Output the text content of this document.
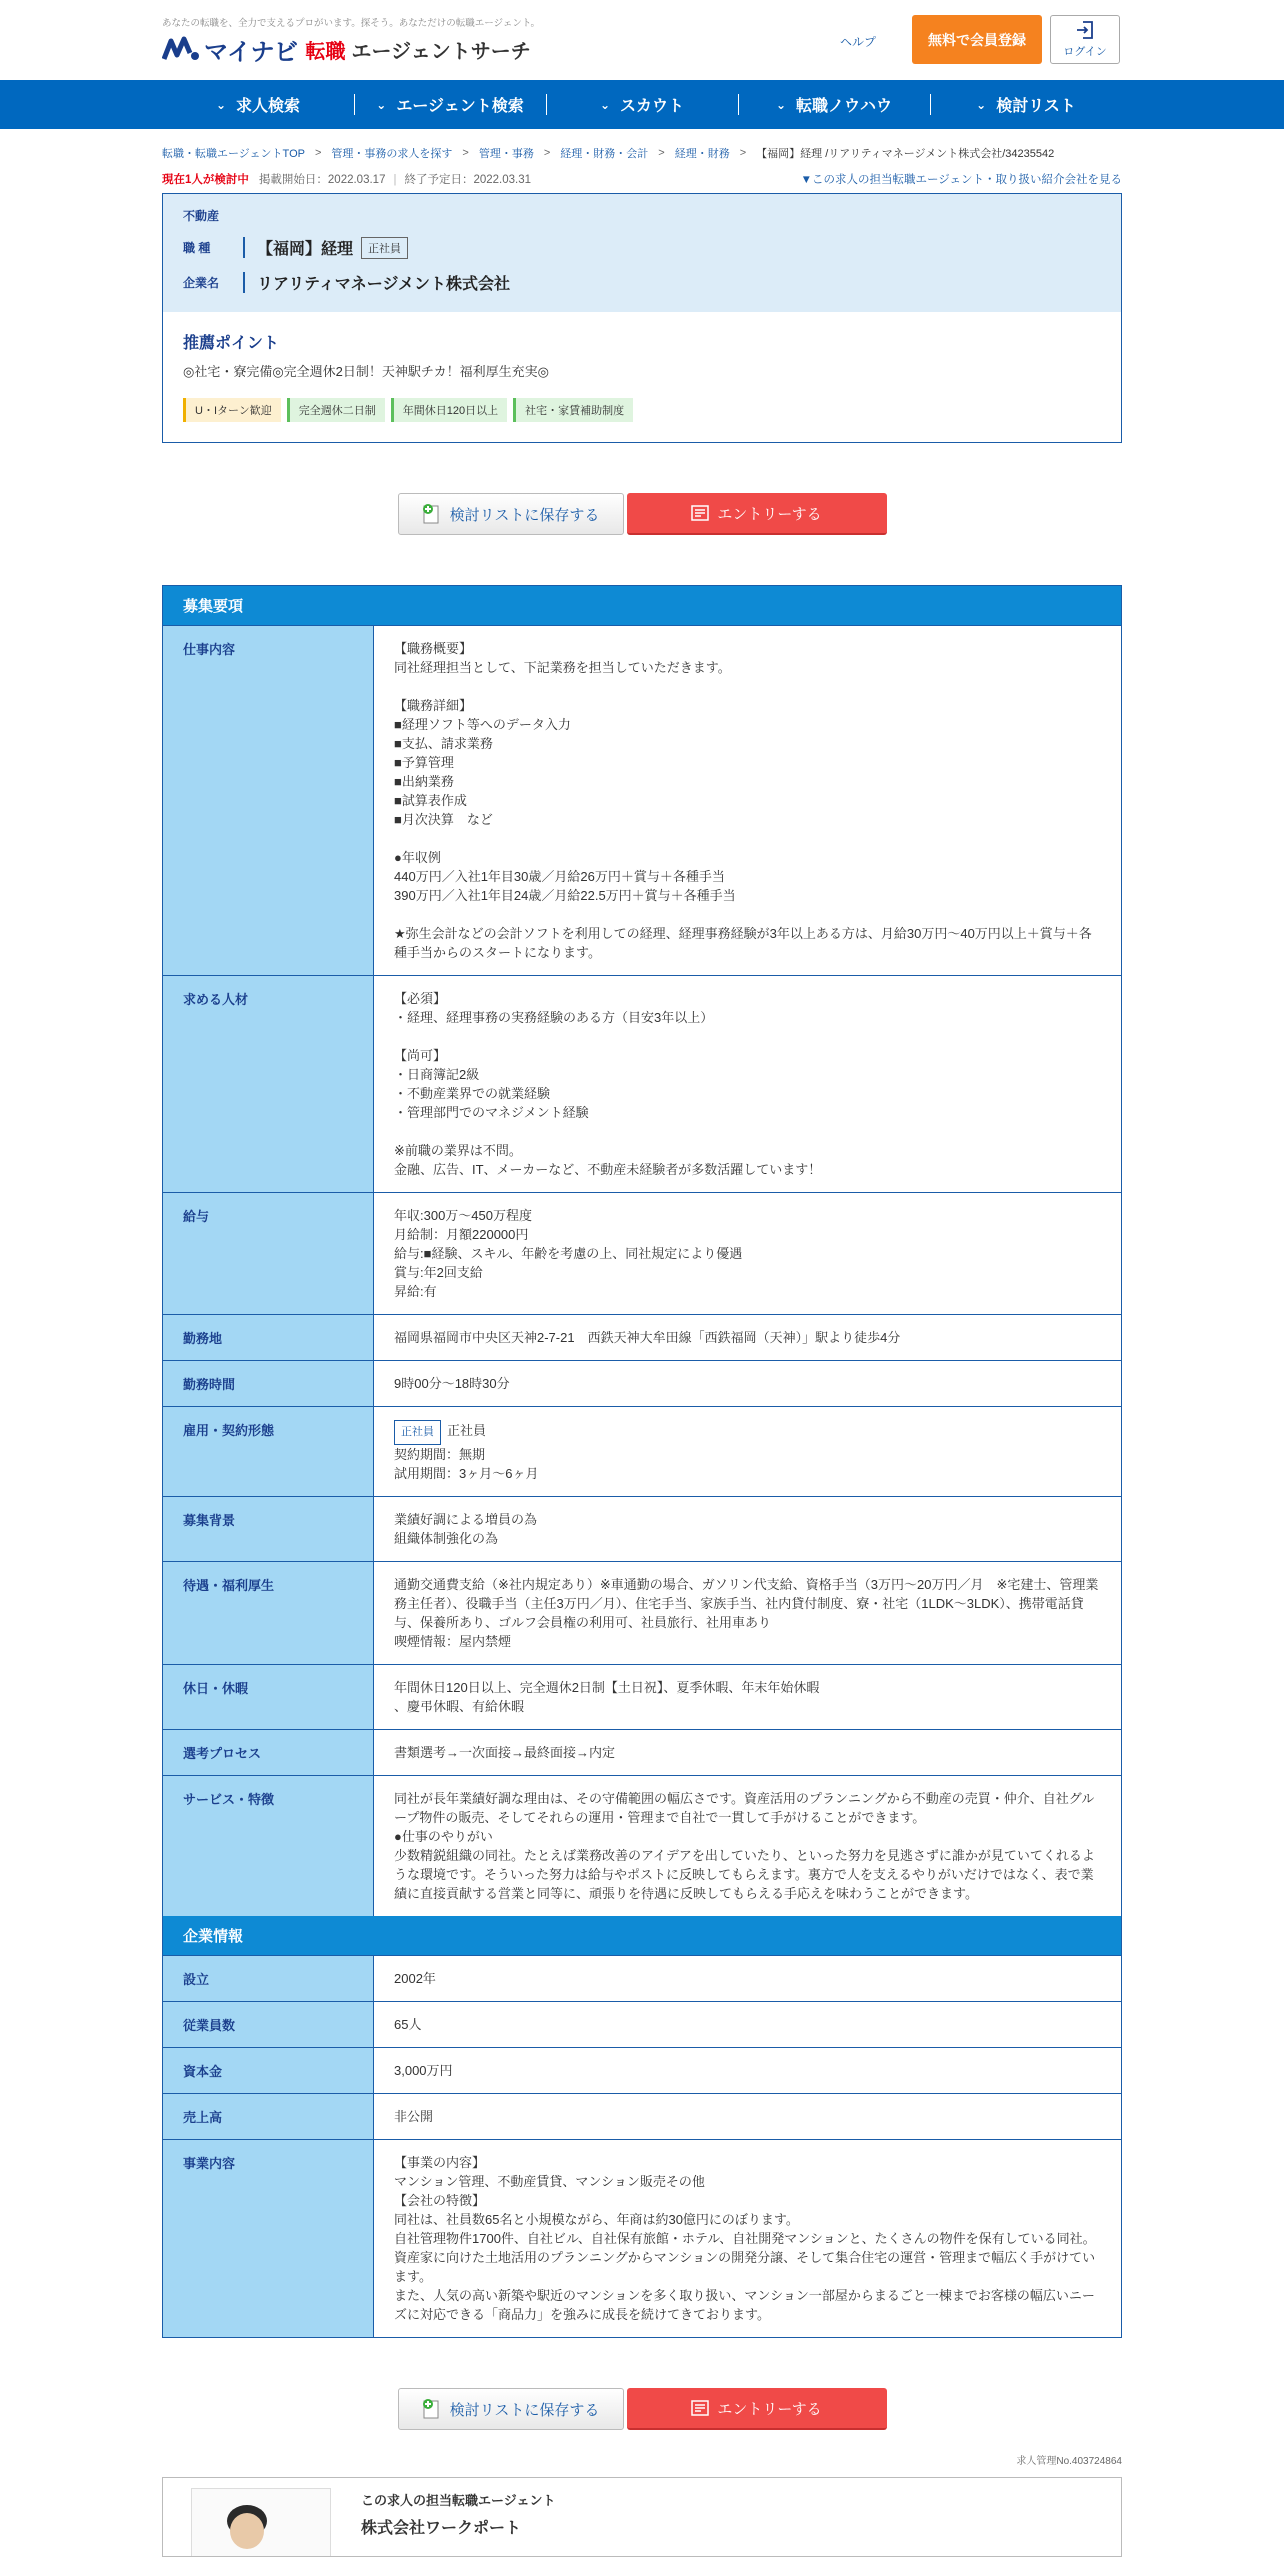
あなたの転職を、全力で支えるプロがいます。探そう。あなただけの転職エージェント。
マイナビ 転職 エージェントサーチ	ヘルプ	無料で会員登録
ログイン
⌄ 求人検索	⌄ エージェント検索	⌄ スカウト	⌄ 転職ノウハウ	⌄ 検討リスト
転職・転職エージェントTOP > 管理・事務の求人を探す > 管理・事務 > 経理・財務・会計 > 経理・財務 > 【福岡】経理 /リアリティマネージメント株式会社/34235542
現在1人が検討中 掲載開始日：2022.03.17 | 終了予定日：2022.03.31	▼この求人の担当転職エージェント・取り扱い紹介会社を見る
不動産
職 種	【福岡】経理	正社員
企業名	リアリティマネージメント株式会社
推薦ポイント
◎社宅・寮完備◎完全週休2日制！天神駅チカ！福利厚生充実◎
U・Iターン歓迎	完全週休二日制	年間休日120日以上	社宅・家賃補助制度
検討リストに保存する	エントリーする
募集要項
仕事内容	【職務概要】
同社経理担当として、下記業務を担当していただきます。

【職務詳細】
■経理ソフト等へのデータ入力
■支払、請求業務
■予算管理
■出納業務
■試算表作成
■月次決算　など

●年収例
440万円／入社1年目30歳／月給26万円＋賞与＋各種手当
390万円／入社1年目24歳／月給22.5万円＋賞与＋各種手当

★弥生会計などの会計ソフトを利用しての経理、経理事務経験が3年以上ある方は、月給30万円～40万円以上＋賞与＋各種手当からのスタートになります。
求める人材	【必須】
・経理、経理事務の実務経験のある方（目安3年以上）

【尚可】
・日商簿記2級
・不動産業界での就業経験
・管理部門でのマネジメント経験

※前職の業界は不問。
金融、広告、IT、メーカーなど、不動産未経験者が多数活躍しています！
給与	年収:300万～450万程度
月給制：月額220000円
給与:■経験、スキル、年齢を考慮の上、同社規定により優遇
賞与:年2回支給
昇給:有
勤務地	福岡県福岡市中央区天神2-7-21　西鉄天神大牟田線「西鉄福岡（天神）」駅より徒歩4分
勤務時間	9時00分～18時30分
雇用・契約形態	正社員 正社員
契約期間：無期
試用期間：3ヶ月～6ヶ月
募集背景	業績好調による増員の為
組織体制強化の為
待遇・福利厚生	通勤交通費支給（※社内規定あり）※車通勤の場合、ガソリン代支給、資格手当（3万円～20万円／月　※宅建士、管理業務主任者）、役職手当（主任3万円／月）、住宅手当、家族手当、社内貸付制度、寮・社宅（1LDK～3LDK）、携帯電話貸与、保養所あり、ゴルフ会員権の利用可、社員旅行、社用車あり
喫煙情報：屋内禁煙
休日・休暇	年間休日120日以上、完全週休2日制【土日祝】、夏季休暇、年末年始休暇
、慶弔休暇、有給休暇
選考プロセス	書類選考→一次面接→最終面接→内定
サービス・特徴	同社が長年業績好調な理由は、その守備範囲の幅広さです。資産活用のプランニングから不動産の売買・仲介、自社グループ物件の販売、そしてそれらの運用・管理まで自社で一貫して手がけることができます。
●仕事のやりがい
少数精鋭組織の同社。たとえば業務改善のアイデアを出していたり、といった努力を見逃さずに誰かが見ていてくれるような環境です。そういった努力は給与やポストに反映してもらえます。裏方で人を支えるやりがいだけではなく、表で業績に直接貢献する営業と同等に、頑張りを待遇に反映してもらえる手応えを味わうことができます。
企業情報
設立	2002年
従業員数	65人
資本金	3,000万円
売上高	非公開
事業内容	【事業の内容】
マンション管理、不動産賃貸、マンション販売その他
【会社の特徴】
同社は、社員数65名と小規模ながら、年商は約30億円にのぼります。
自社管理物件1700件、自社ビル、自社保有旅館・ホテル、自社開発マンションと、たくさんの物件を保有している同社。資産家に向けた土地活用のプランニングからマンションの開発分譲、そして集合住宅の運営・管理まで幅広く手がけています。
また、人気の高い新築や駅近のマンションを多く取り扱い、マンション一部屋からまるごと一棟までお客様の幅広いニーズに対応できる「商品力」を強みに成長を続けてきております。
検討リストに保存する	エントリーする
求人管理No.403724864
この求人の担当転職エージェント
株式会社ワークポート
